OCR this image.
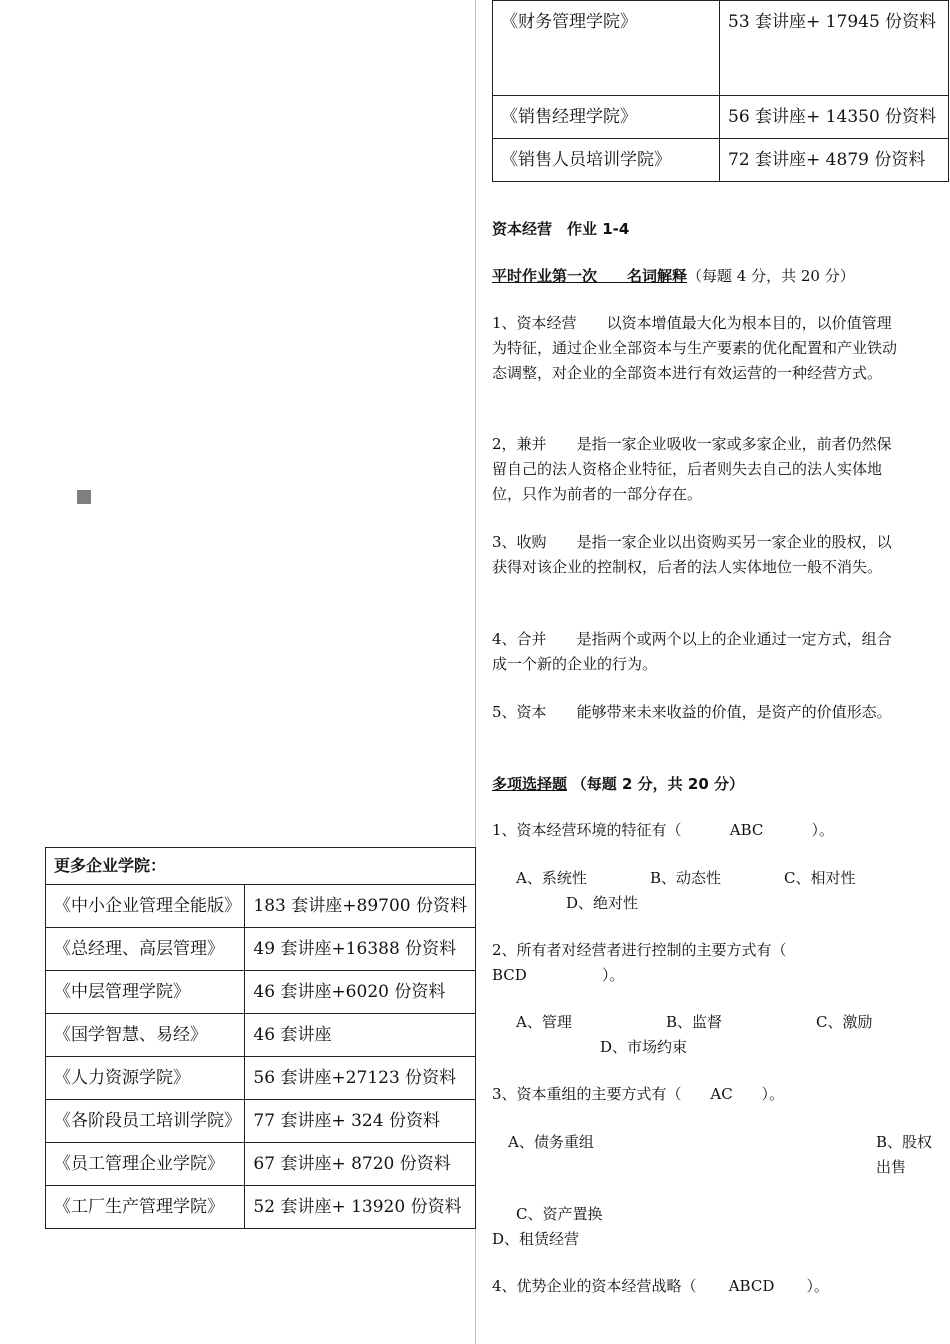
《财务管理学院》	53 套讲座+ 17945 份资料
《销售经理学院》	56 套讲座+ 14350 份资料
《销售人员培训学院》	72 套讲座+ 4879 份资料
更多企业学院：	
《中小企业管理全能版》	183 套讲座+89700 份资料
《总经理、高层管理》	49 套讲座+16388 份资料
《中层管理学院》	46 套讲座+6020 份资料
《国学智慧、易经》	46 套讲座
《人力资源学院》	56 套讲座+27123 份资料
《各阶段员工培训学院》	77 套讲座+ 324 份资料
《员工管理企业学院》	67 套讲座+ 8720 份资料
《工厂生产管理学院》	52 套讲座+ 13920 份资料
资本经营　作业 1-4
平时作业第一次　　名词解释（每题 4 分，共 20 分）
1、资本经营　　 以资本增值最大化为根本目的，以价值管理为特征，通过企业全部资本与生产要素的优化配置和产业铁动态调整，对企业的全部资本进行有效运营的一种经营方式。
2，兼并　　 是指一家企业吸收一家或多家企业，前者仍然保留自己的法人资格企业特征，后者则失去自己的法人实体地位，只作为前者的一部分存在。
3、收购　　 是指一家企业以出资购买另一家企业的股权，以获得对该企业的控制权，后者的法人实体地位一般不消失。
4、合并　　 是指两个或两个以上的企业通过一定方式，组合成一个新的企业的行为。
5、资本　　 能够带来未来收益的价值，是资产的价值形态。
多项选择题 （每题 2 分，共 20 分）
1、资本经营环境的特征有（	ABC	）。
A、系统性	B、动态性	C、相对性
D、绝对性
2、所有者对经营者进行控制的主要方式有（
BCD	）。
A、管理	B、监督	C、激励
D、市场约束
3、资本重组的主要方式有（ AC ）。
A、债务重组	B、股权出售
C、资产置换
D、租赁经营
4、优势企业的资本经营战略（ ABCD ）。
